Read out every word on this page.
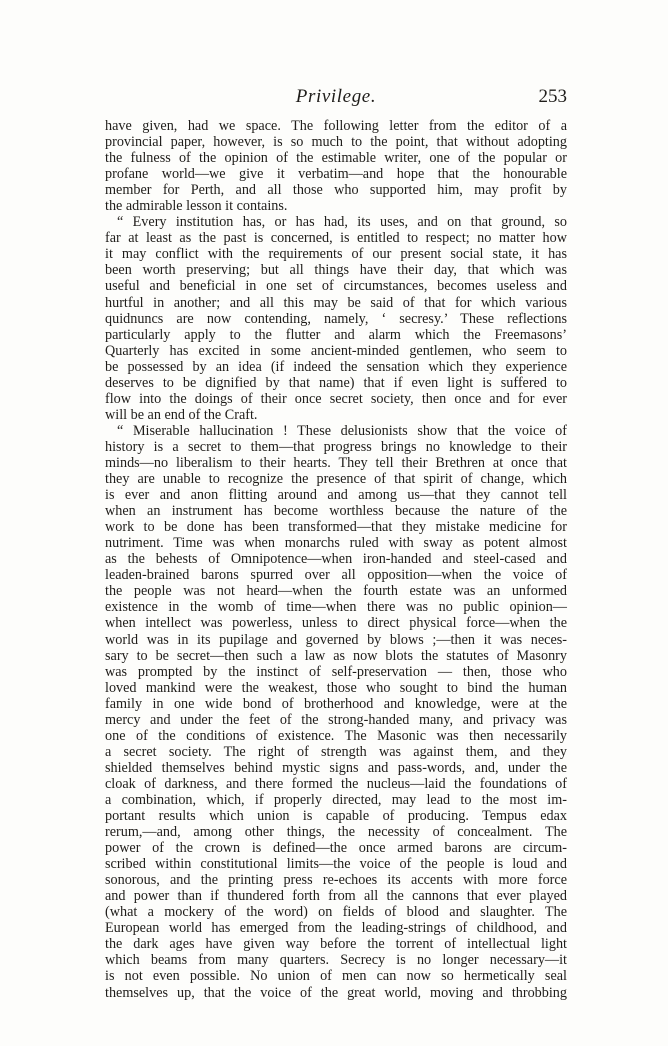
Privilege.	253

have given, had we space. The following letter from the editor of a

provincial paper, however, is so much to the point, that without adopting

the fulness of the opinion of the estimable writer, one of the popular or

profane world—we give it verbatim—and hope that the honourable

member for Perth, and all those who supported him, may profit by

the admirable lesson it contains.

“ Every institution has, or has had, its uses, and on that ground, so

far at least as the past is concerned, is entitled to respect; no matter how

it may conflict with the requirements of our present social state, it has

been worth preserving; but all things have their day, that which was

useful and beneficial in one set of circumstances, becomes useless and

hurtful in another; and all this may be said of that for which various

quidnuncs are now contending, namely, ‘ secresy.’ These reflections

particularly apply to the flutter and alarm which the Freemasons’

Quarterly has excited in some ancient-minded gentlemen, who seem to

be possessed by an idea (if indeed the sensation which they experience

deserves to be dignified by that name) that if even light is suffered to

flow into the doings of their once secret society, then once and for ever

will be an end of the Craft.

“ Miserable hallucination ! These delusionists show that the voice of

history is a secret to them—that progress brings no knowledge to their

minds—no liberalism to their hearts. They tell their Brethren at once that

they are unable to recognize the presence of that spirit of change, which

is ever and anon flitting around and among us—that they cannot tell

when an instrument has become worthless because the nature of the

work to be done has been transformed—that they mistake medicine for

nutriment. Time was when monarchs ruled with sway as potent almost

as the behests of Omnipotence—when iron-handed and steel-cased and

leaden-brained barons spurred over all opposition—when the voice of

the people was not heard—when the fourth estate was an unformed

existence in the womb of time—when there was no public opinion—

when intellect was powerless, unless to direct physical force—when the

world was in its pupilage and governed by blows ;—then it was neces-

sary to be secret—then such a law as now blots the statutes of Masonry

was prompted by the instinct of self-preservation — then, those who

loved mankind were the weakest, those who sought to bind the human

family in one wide bond of brotherhood and knowledge, were at the

mercy and under the feet of the strong-handed many, and privacy was

one of the conditions of existence. The Masonic was then necessarily

a secret society. The right of strength was against them, and they

shielded themselves behind mystic signs and pass-words, and, under the

cloak of darkness, and there formed the nucleus—laid the foundations of

a combination, which, if properly directed, may lead to the most im-

portant results which union is capable of producing. Tempus edax

rerum,—and, among other things, the necessity of concealment. The

power of the crown is defined—the once armed barons are circum-

scribed within constitutional limits—the voice of the people is loud and

sonorous, and the printing press re-echoes its accents with more force

and power than if thundered forth from all the cannons that ever played

(what a mockery of the word) on fields of blood and slaughter. The

European world has emerged from the leading-strings of childhood, and

the dark ages have given way before the torrent of intellectual light

which beams from many quarters. Secrecy is no longer necessary—it

is not even possible. No union of men can now so hermetically seal

themselves up, that the voice of the great world, moving and throbbing
